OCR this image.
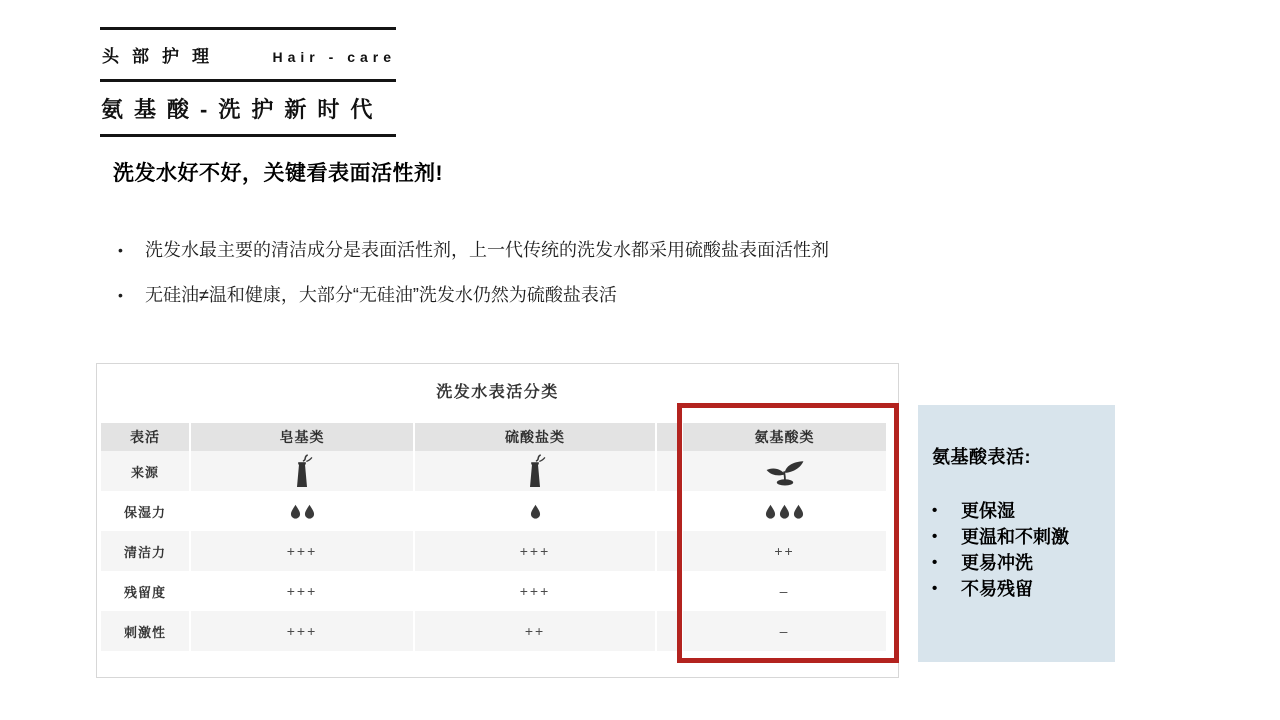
头部护理	Hair - care
氨基酸-洗护新时代
洗发水好不好，关键看表面活性剂!
•	洗发水最主要的清洁成分是表面活性剂，上一代传统的洗发水都采用硫酸盐表面活性剂
•	无硅油≠温和健康，大部分“无硅油”洗发水仍然为硫酸盐表活
洗发水表活分类
表活	皂基类	硫酸盐类	氨基酸类
来源
保湿力
清洁力	+++	+++	++
残留度	+++	+++	–
刺激性	+++	++	–
氨基酸表活:
•	更保湿
•	更温和不刺激
•	更易冲洗
•	不易残留
